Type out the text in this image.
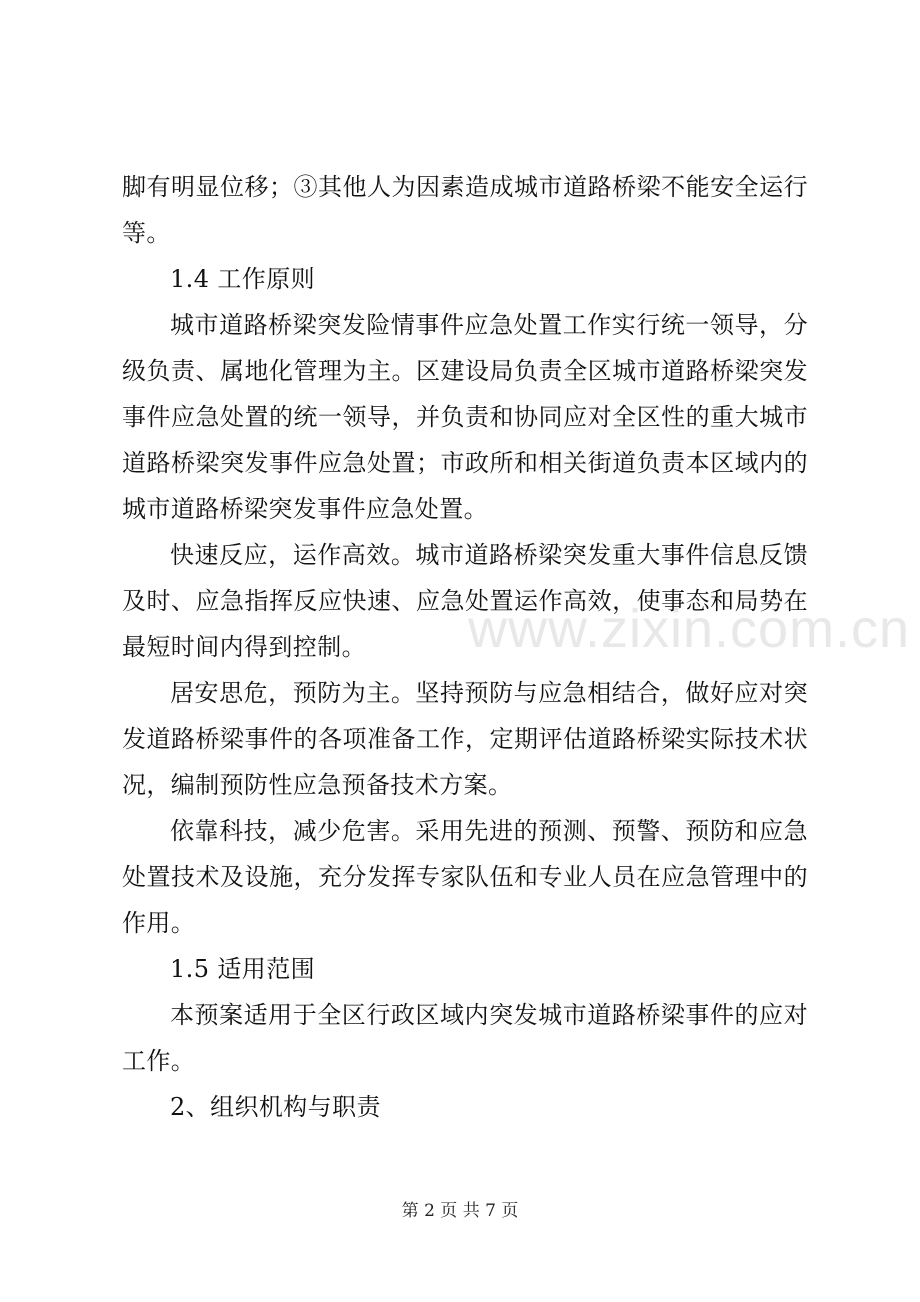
脚有明显位移；③其他人为因素造成城市道路桥梁不能安全运行等。

1.4 工作原则

城市道路桥梁突发险情事件应急处置工作实行统一领导，分级负责、属地化管理为主。区建设局负责全区城市道路桥梁突发事件应急处置的统一领导，并负责和协同应对全区性的重大城市道路桥梁突发事件应急处置；市政所和相关街道负责本区域内的城市道路桥梁突发事件应急处置。

快速反应，运作高效。城市道路桥梁突发重大事件信息反馈及时、应急指挥反应快速、应急处置运作高效，使事态和局势在最短时间内得到控制。

居安思危，预防为主。坚持预防与应急相结合，做好应对突发道路桥梁事件的各项准备工作，定期评估道路桥梁实际技术状况，编制预防性应急预备技术方案。

依靠科技，减少危害。采用先进的预测、预警、预防和应急处置技术及设施，充分发挥专家队伍和专业人员在应急管理中的作用。

1.5 适用范围

本预案适用于全区行政区域内突发城市道路桥梁事件的应对工作。

2、组织机构与职责

www.zixin.com.cn
第 2 页 共 7 页
